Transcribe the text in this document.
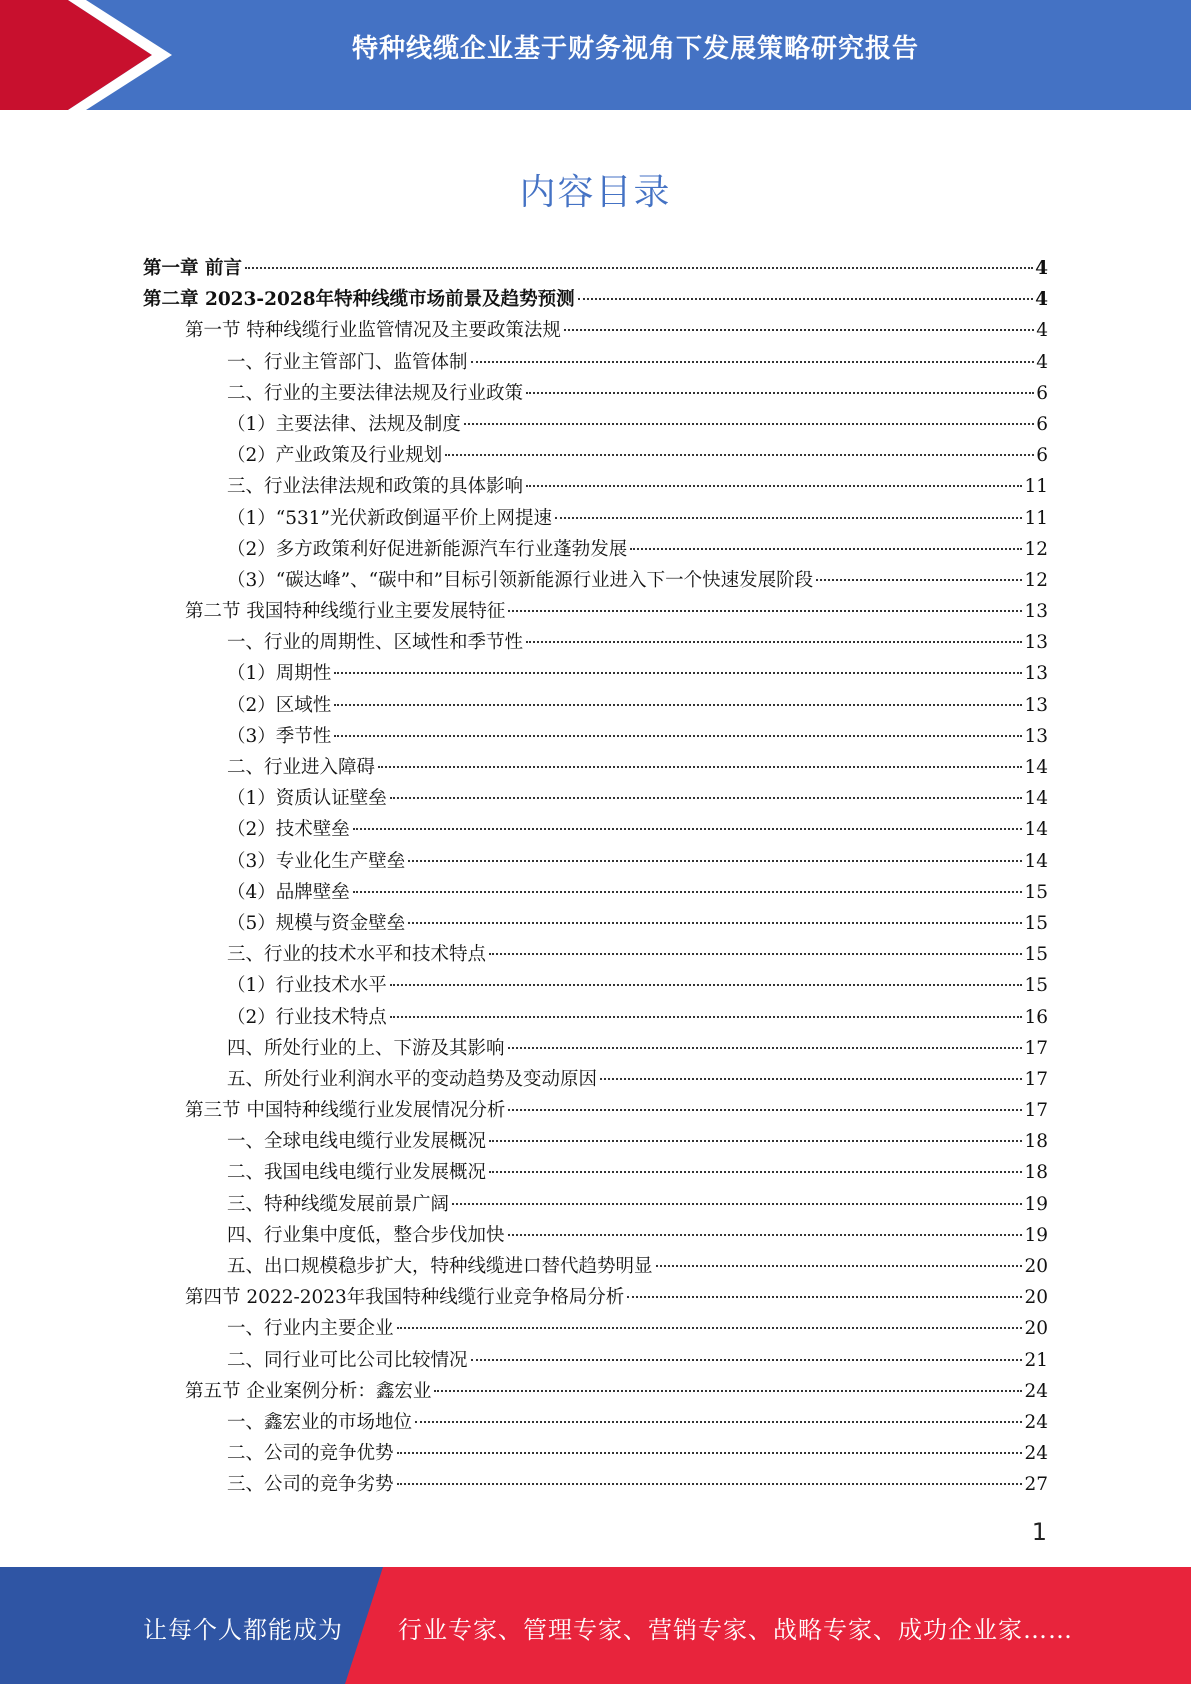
特种线缆企业基于财务视角下发展策略研究报告
内容目录
第一章 前言	4
第二章 2023-2028年特种线缆市场前景及趋势预测	4
第一节 特种线缆行业监管情况及主要政策法规	4
一、行业主管部门、监管体制	4
二、行业的主要法律法规及行业政策	6
（1）主要法律、法规及制度	6
（2）产业政策及行业规划	6
三、行业法律法规和政策的具体影响	11
（1）“531”光伏新政倒逼平价上网提速	11
（2）多方政策利好促进新能源汽车行业蓬勃发展	12
（3）“碳达峰”、“碳中和”目标引领新能源行业进入下一个快速发展阶段	12
第二节 我国特种线缆行业主要发展特征	13
一、行业的周期性、区域性和季节性	13
（1）周期性	13
（2）区域性	13
（3）季节性	13
二、行业进入障碍	14
（1）资质认证壁垒	14
（2）技术壁垒	14
（3）专业化生产壁垒	14
（4）品牌壁垒	15
（5）规模与资金壁垒	15
三、行业的技术水平和技术特点	15
（1）行业技术水平	15
（2）行业技术特点	16
四、所处行业的上、下游及其影响	17
五、所处行业利润水平的变动趋势及变动原因	17
第三节 中国特种线缆行业发展情况分析	17
一、全球电线电缆行业发展概况	18
二、我国电线电缆行业发展概况	18
三、特种线缆发展前景广阔	19
四、行业集中度低，整合步伐加快	19
五、出口规模稳步扩大，特种线缆进口替代趋势明显	20
第四节 2022-2023年我国特种线缆行业竞争格局分析	20
一、行业内主要企业	20
二、同行业可比公司比较情况	21
第五节 企业案例分析：鑫宏业	24
一、鑫宏业的市场地位	24
二、公司的竞争优势	24
三、公司的竞争劣势	27
1
让每个人都能成为 行业专家、管理专家、营销专家、战略专家、成功企业家……
